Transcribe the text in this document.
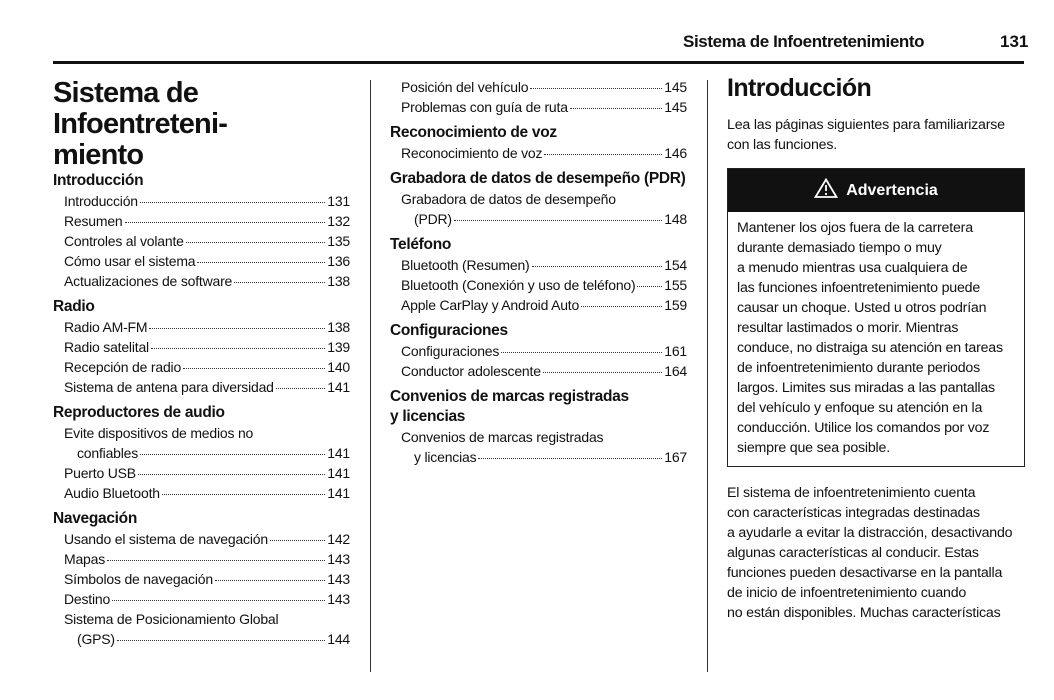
Sistema de Infoentretenimiento	131
Sistema de Infoentreteni-
miento
Introducción
Introducción	131
Resumen	132
Controles al volante	135
Cómo usar el sistema	136
Actualizaciones de software	138
Radio
Radio AM-FM	138
Radio satelital	139
Recepción de radio	140
Sistema de antena para diversidad	141
Reproductores de audio
Evite dispositivos de medios no
confiables	141
Puerto USB	141
Audio Bluetooth	141
Navegación
Usando el sistema de navegación	142
Mapas	143
Símbolos de navegación	143
Destino	143
Sistema de Posicionamiento Global
(GPS)	144
Posición del vehículo	145
Problemas con guía de ruta	145
Reconocimiento de voz
Reconocimiento de voz	146
Grabadora de datos de desempeño (PDR)
Grabadora de datos de desempeño
(PDR)	148
Teléfono
Bluetooth (Resumen)	154
Bluetooth (Conexión y uso de teléfono) 155
Apple CarPlay y Android Auto	159
Configuraciones
Configuraciones	161
Conductor adolescente	164
Convenios de marcas registradas
y licencias
Convenios de marcas registradas
y licencias	167
Introducción
Lea las páginas siguientes para familiarizarse
con las funciones.
Advertencia
Mantener los ojos fuera de la carretera
durante demasiado tiempo o muy
a menudo mientras usa cualquiera de
las funciones infoentretenimiento puede
causar un choque. Usted u otros podrían
resultar lastimados o morir. Mientras
conduce, no distraiga su atención en tareas
de infoentretenimiento durante periodos
largos. Limites sus miradas a las pantallas
del vehículo y enfoque su atención en la
conducción. Utilice los comandos por voz
siempre que sea posible.
El sistema de infoentretenimiento cuenta
con características integradas destinadas
a ayudarle a evitar la distracción, desactivando
algunas características al conducir. Estas
funciones pueden desactivarse en la pantalla
de inicio de infoentretenimiento cuando
no están disponibles. Muchas características
